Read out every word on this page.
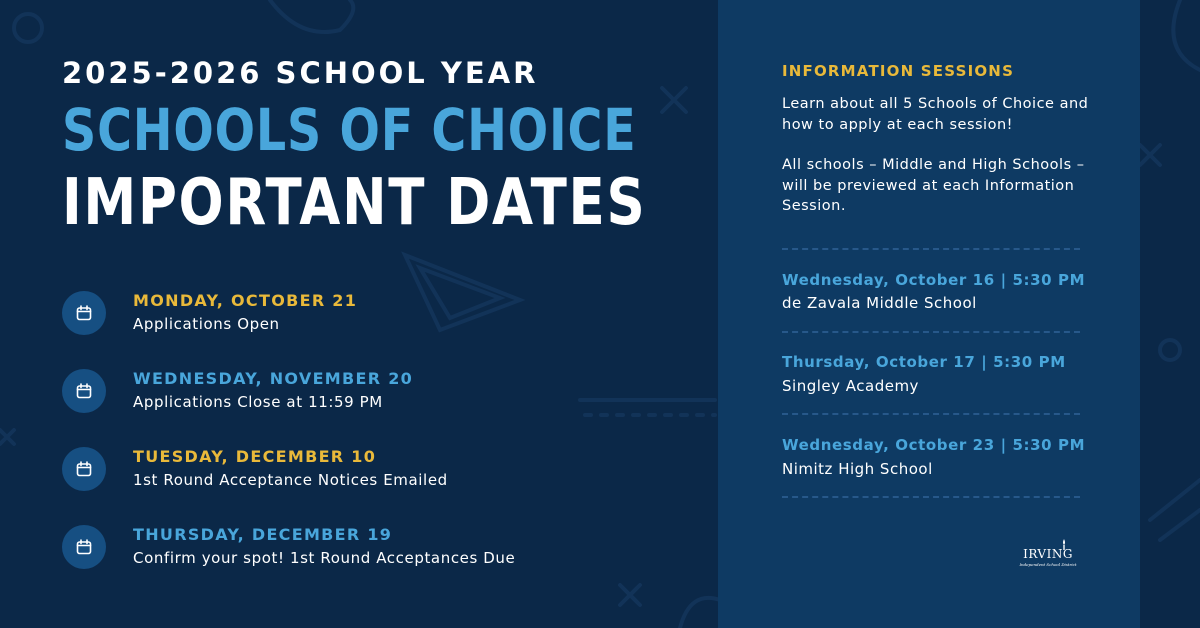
2025-2026 SCHOOL YEAR
SCHOOLS OF CHOICE
IMPORTANT DATES
MONDAY, OCTOBER 21
Applications Open
WEDNESDAY, NOVEMBER 20
Applications Close at 11:59 PM
TUESDAY, DECEMBER 10
1st Round Acceptance Notices Emailed
THURSDAY, DECEMBER 19
Confirm your spot! 1st Round Acceptances Due
INFORMATION SESSIONS
Learn about all 5 Schools of Choice and how to apply at each session!
All schools – Middle and High Schools – will be previewed at each Information Session.
Wednesday, October 16 | 5:30 PM
de Zavala Middle School
Thursday, October 17 | 5:30 PM
Singley Academy
Wednesday, October 23 | 5:30 PM
Nimitz High School
IRVING
Independent School District
